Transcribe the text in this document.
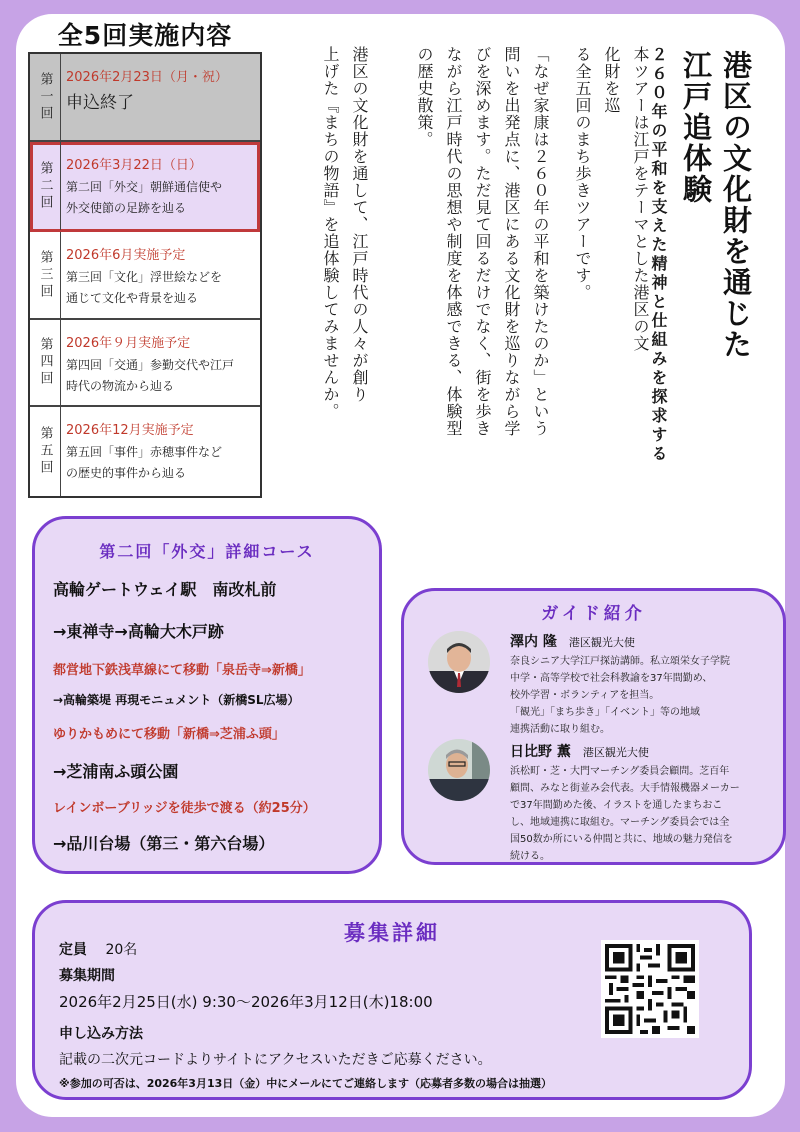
全5回実施内容
第一回 2026年2月23日（月・祝）
申込終了
第二回 2026年3月22日（日）
第二回「外交」朝鮮通信使や
外交使節の足跡を辿る
第三回 2026年6月実施予定
第三回「文化」浮世絵などを
通じて文化や背景を辿る
第四回 2026年９月実施予定
第四回「交通」参勤交代や江戸
時代の物流から辿る
第五回 2026年12月実施予定
第五回「事件」赤穂事件など
の歴史的事件から辿る
港区の文化財を通じた
江戸追体験
２６０年の平和を支えた精神と仕組みを探求する
本ツアーは江戸をテーマとした港区の文化財を巡
る全五回のまち歩きツアーです。
「なぜ家康は２６０年の平和を築けたのか」という
問いを出発点に、港区にある文化財を巡りながら学
びを深めます。ただ見て回るだけでなく、街を歩き
ながら江戸時代の思想や制度を体感できる、体験型
の歴史散策。
港区の文化財を通して、江戸時代の人々が創り
上げた『まちの物語』を追体験してみませんか。
第二回「外交」詳細コース
高輪ゲートウェイ駅　南改札前
→東禅寺→高輪大木戸跡
都営地下鉄浅草線にて移動「泉岳寺⇒新橋」
→高輪築堤 再現モニュメント（新橋SL広場）
ゆりかもめにて移動「新橋⇒芝浦ふ頭」
→芝浦南ふ頭公園
レインボーブリッジを徒歩で渡る（約25分）
→品川台場（第三・第六台場）
ガイド紹介
澤内 隆 港区観光大使
奈良シニア大学江戸探訪講師。私立頌栄女子学院
中学・高等学校で社会科教諭を37年間勤め、
校外学習・ボランティアを担当。
「観光」「まち歩き」「イベント」等の地域
連携活動に取り組む。
日比野 薫 港区観光大使
浜松町・芝・大門マーチング委員会顧問。芝百年
顧問、みなと街並み会代表。大手情報機器メーカー
で37年間勤めた後、イラストを通したまちおこ
し、地域連携に取組む。マーチング委員会では全
国50数か所にいる仲間と共に、地域の魅力発信を
続ける。
募集詳細
定員 20名
募集期間
2026年2月25日(水) 9:30～2026年3月12日(木)18:00
申し込み方法
記載の二次元コードよりサイトにアクセスいただきご応募ください。
※参加の可否は、2026年3月13日（金）中にメールにてご連絡します（応募者多数の場合は抽選）
